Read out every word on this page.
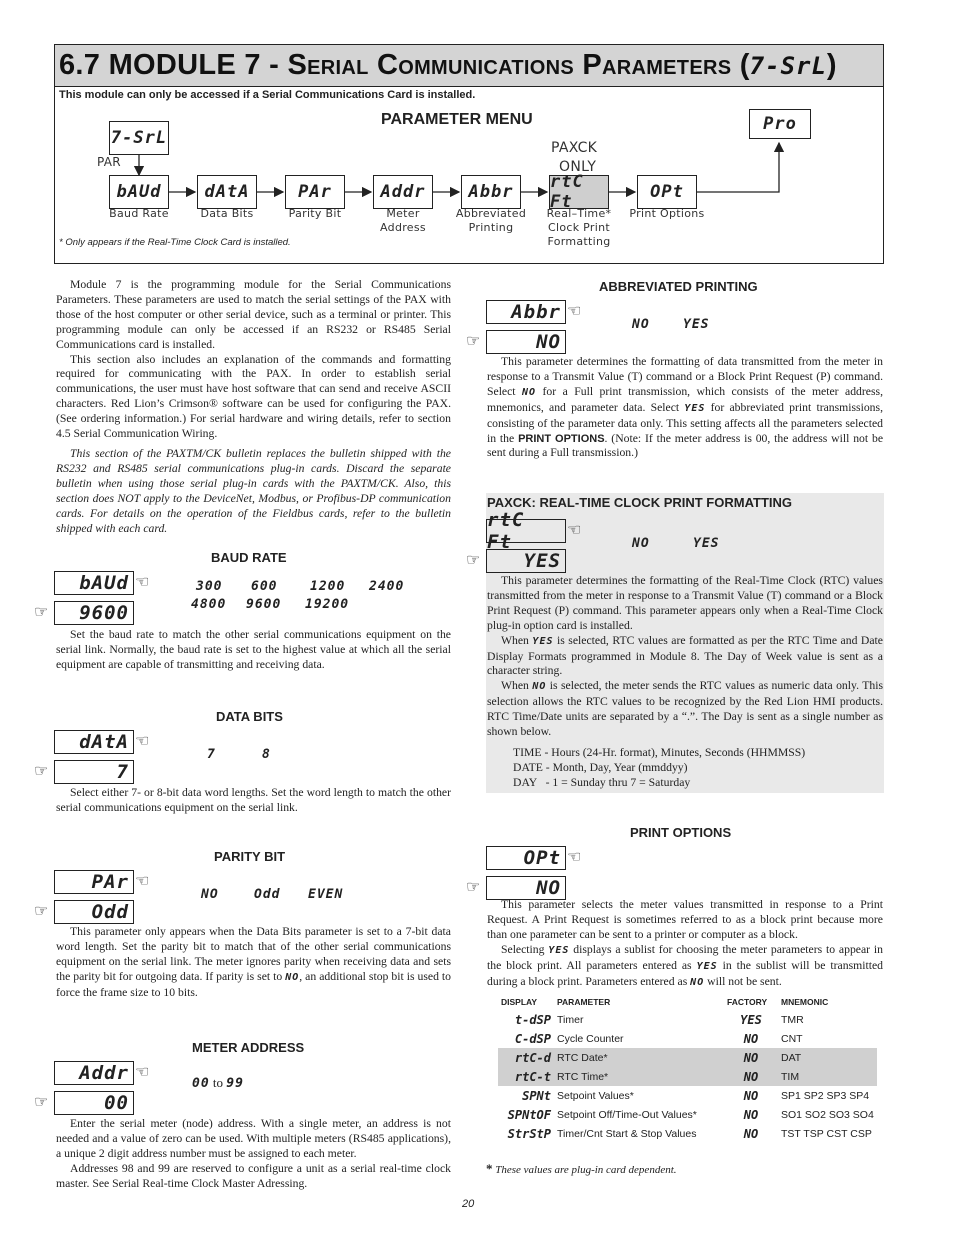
6.7 MODULE 7 - Serial Communications Parameters (7-SrL)
This module can only be accessed if a Serial Communications Card is installed.
PARAMETER MENU
7-SrL
PAR
Pro
PAXCK
ONLY
bAUd
Baud Rate
dAtA
Data Bits
PAr
Parity Bit
Addr
Meter
Address
Abbr
Abbreviated
Printing
rtC Ft
Real–Time*
Clock Print
Formatting
OPt
Print Options
* Only appears if the Real-Time Clock Card is installed.

Module 7 is the programming module for the Serial Communications Parameters. These parameters are used to match the serial settings of the PAX with those of the host computer or other serial device, such as a terminal or printer. This programming module can only be accessed if an RS232 or RS485 Serial Communications card is installed.

This section also includes an explanation of the commands and formatting required for communicating with the PAX. In order to establish serial communications, the user must have host software that can send and receive ASCII characters. Red Lion’s Crimson® software can be used for configuring the PAX. (See ordering information.) For serial hardware and wiring details, refer to section 4.5 Serial Communication Wiring.

This section of the PAXTM/CK bulletin replaces the bulletin shipped with the RS232 and RS485 serial communications plug-in cards. Discard the separate bulletin when using those serial plug-in cards with the PAXTM/CK. Also, this section does NOT apply to the DeviceNet, Modbus, or Profibus-DP communication cards. For details on the operation of the Fieldbus cards, refer to the bulletin shipped with each card.

BAUD RATE
☜
bAUd
☞	9600
300 600	1200 2400
4800 9600 19200

Set the baud rate to match the other serial communications equipment on the serial link. Normally, the baud rate is set to the highest value at which all the serial equipment are capable of transmitting and receiving data.

DATA BITS
☜
dAtA
☞	7
7	8

Select either 7- or 8-bit data word lengths. Set the word length to match the other serial communications equipment on the serial link.

PARITY BIT
☜
PAr
☞	Odd
NO	Odd EVEN

This parameter only appears when the Data Bits parameter is set to a 7-bit data word length. Set the parity bit to match that of the other serial communications equipment on the serial link. The meter ignores parity when receiving data and sets the parity bit for outgoing data. If parity is set to NO, an additional stop bit is used to force the frame size to 10 bits.

METER ADDRESS
☜
Addr
☞	00
00 to 99

Enter the serial meter (node) address. With a single meter, an address is not needed and a value of zero can be used. With multiple meters (RS485 applications), a unique 2 digit address number must be assigned to each meter.

Addresses 98 and 99 are reserved to configure a unit as a serial real-time clock master. See Serial Real-time Clock Master Adressing.

ABBREVIATED PRINTING
☜
Abbr
☞	NO
NO	YES

This parameter determines the formatting of data transmitted from the meter in response to a Transmit Value (T) command or a Block Print Request (P) command. Select NO for a Full print transmission, which consists of the meter address, mnemonics, and parameter data. Select YES for abbreviated print transmissions, consisting of the parameter data only. This setting affects all the parameters selected in the PRINT OPTIONS. (Note: If the meter address is 00, the address will not be sent during a Full transmission.)

PAXCK: REAL-TIME CLOCK PRINT FORMATTING
☜
rtC Ft
☞	YES
NO	YES

This parameter determines the formatting of the Real-Time Clock (RTC) values transmitted from the meter in response to a Transmit Value (T) command or a Block Print Request (P) command. This parameter appears only when a Real-Time Clock plug-in option card is installed.

When YES is selected, RTC values are formatted as per the RTC Time and Date Display Formats programmed in Module 8. The Day of Week value is sent as a character string.

When NO is selected, the meter sends the RTC values as numeric data only. This selection allows the RTC values to be recognized by the Red Lion HMI products. RTC Time/Date units are separated by a “.”. The Day is sent as a single number as shown below.

TIME - Hours (24-Hr. format), Minutes, Seconds (HHMMSS)
DATE - Month, Day, Year (mmddyy)
DAY   - 1 = Sunday thru 7 = Saturday
PRINT OPTIONS
☜
OPt
☞	NO

This parameter selects the meter values transmitted in response to a Print Request. A Print Request is sometimes referred to as a block print because more than one parameter can be sent to a printer or computer as a block.

Selecting YES displays a sublist for choosing the meter parameters to appear in the block print. All parameters entered as YES in the sublist will be transmitted during a block print. Parameters entered as NO will not be sent.

DISPLAY	PARAMETER	FACTORY	MNEMONIC
t-dSP	Timer	YES	TMR
C-dSP	Cycle Counter	NO	CNT
rtC-d	RTC Date*	NO	DAT
rtC-t	RTC Time*	NO	TIM
SPNt	Setpoint Values*	NO	SP1 SP2 SP3 SP4
SPNtOF	Setpoint Off/Time-Out Values*	NO	SO1 SO2 SO3 SO4
StrStP	Timer/Cnt Start & Stop Values	NO	TST TSP CST CSP
* These values are plug-in card dependent.
20
